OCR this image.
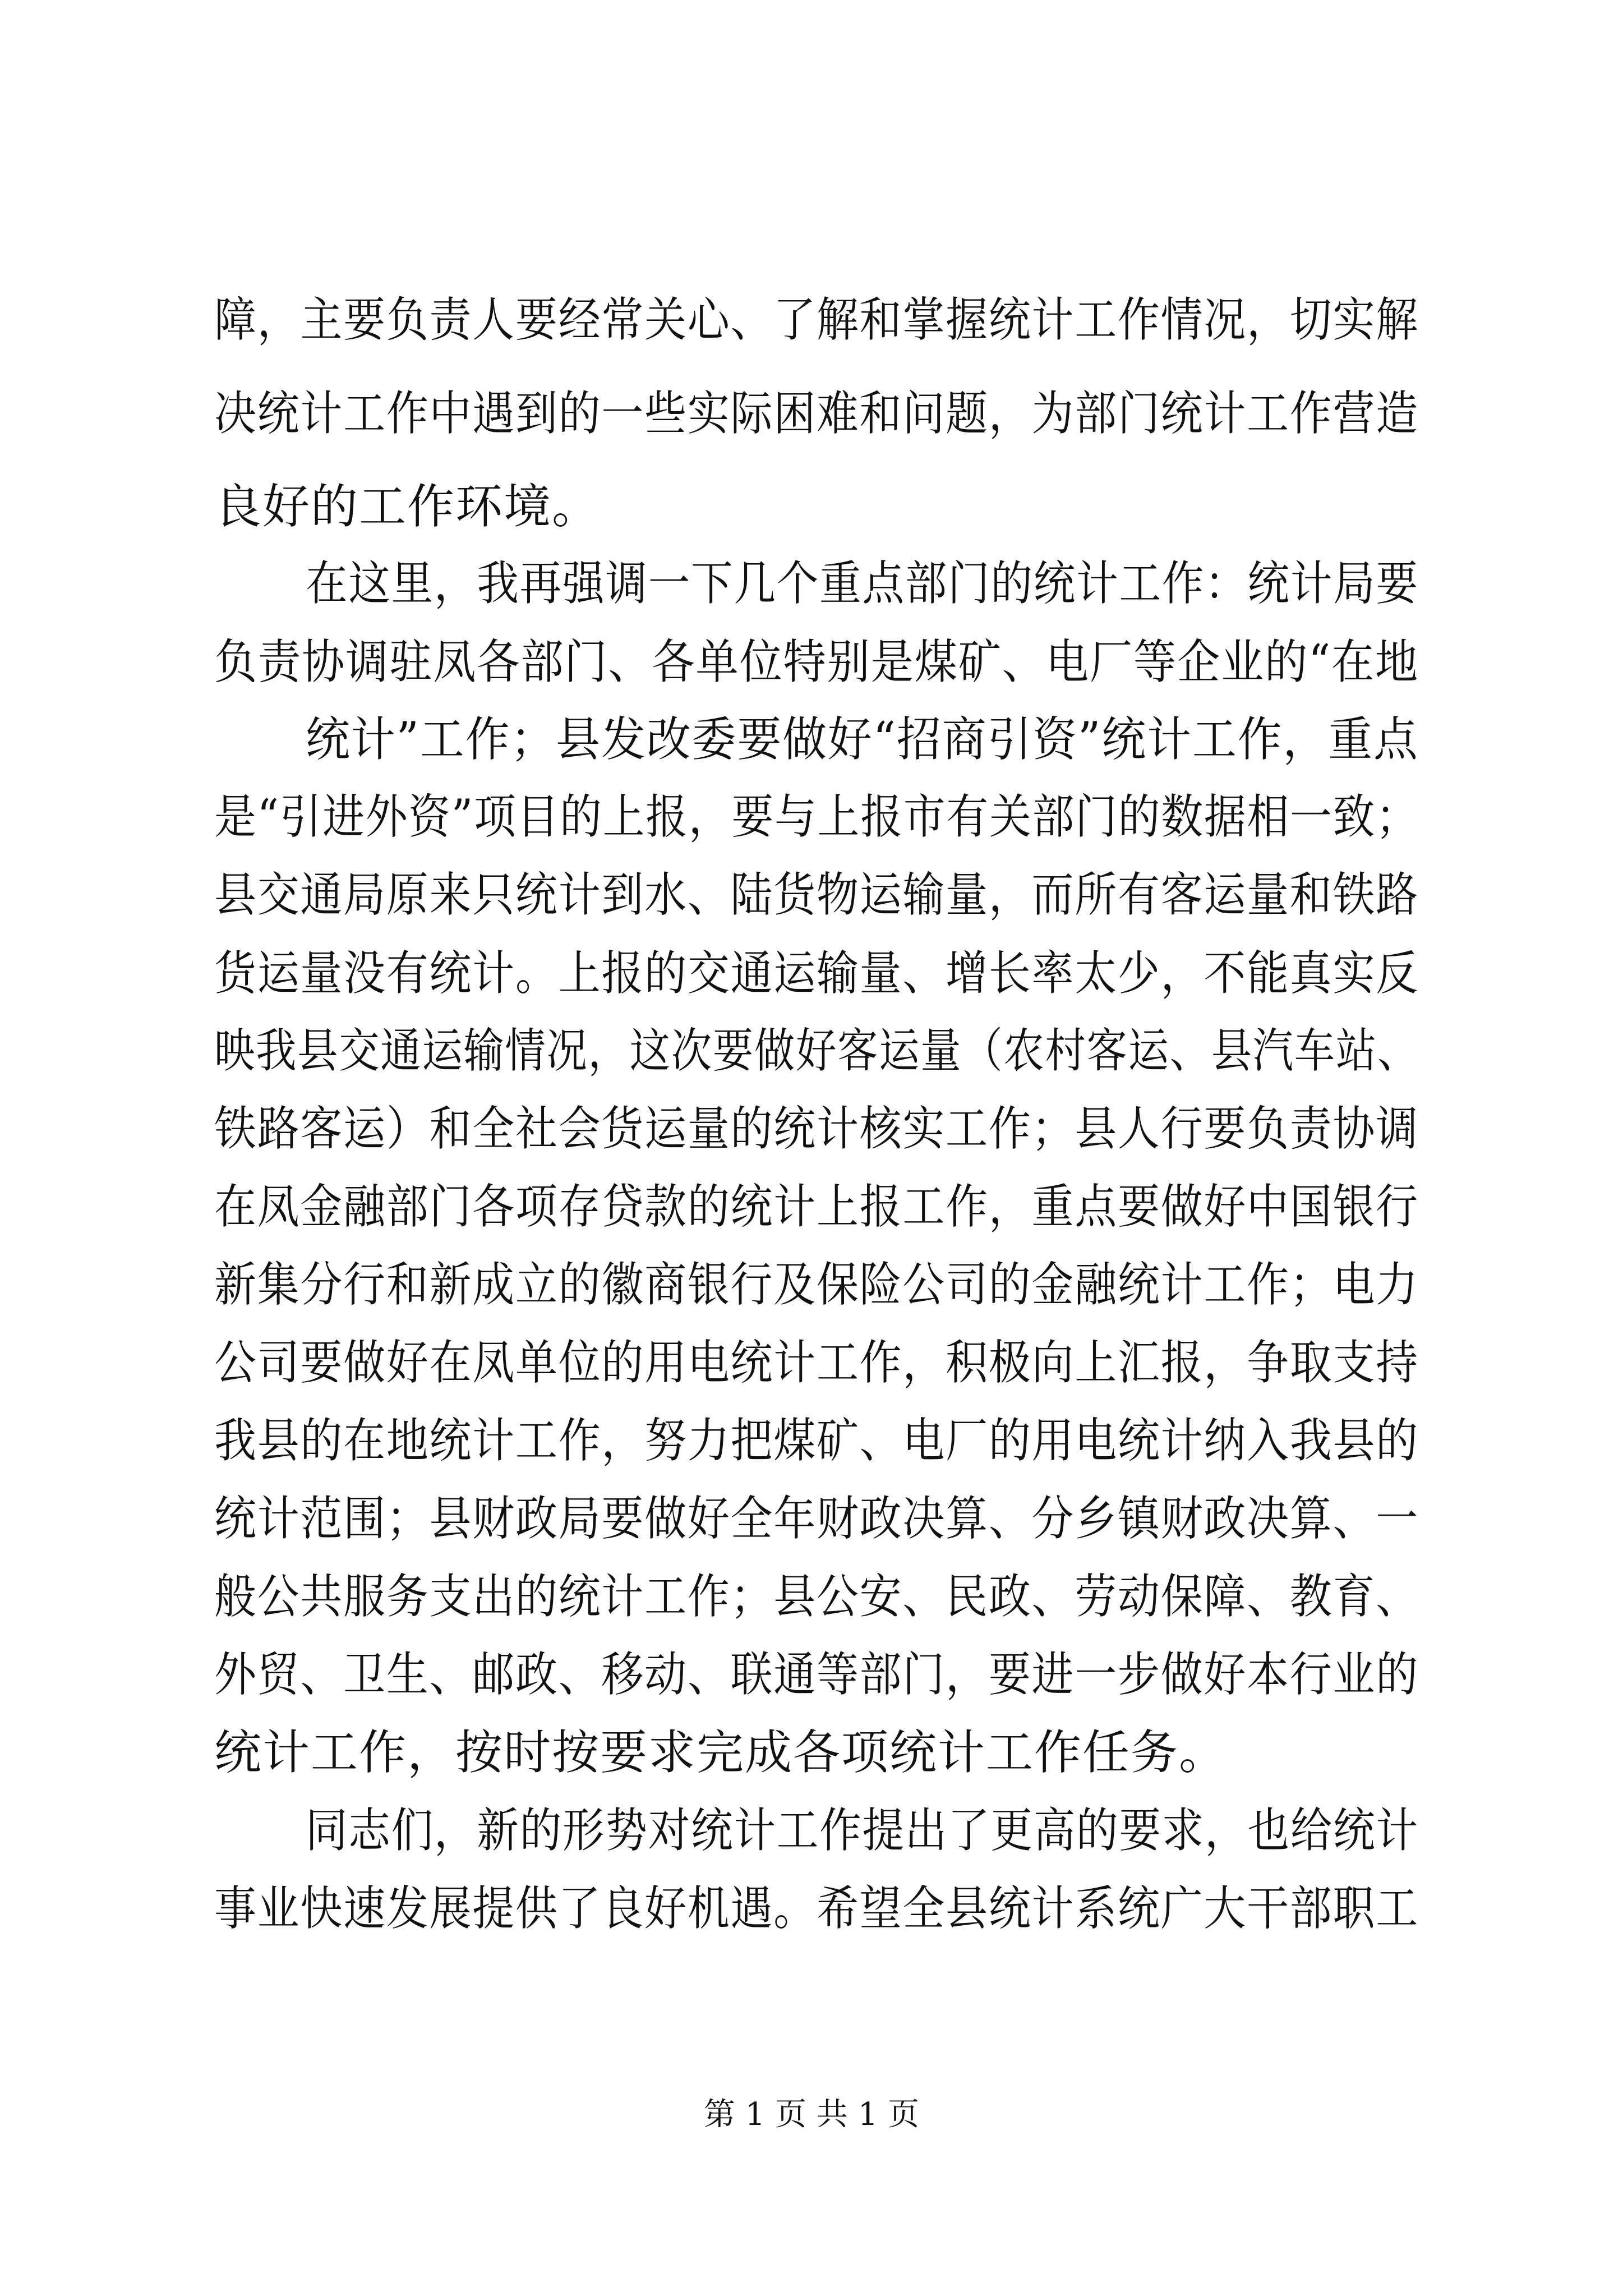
障，主要负责人要经常关心、了解和掌握统计工作情况，切实解
决统计工作中遇到的一些实际困难和问题，为部门统计工作营造
良好的工作环境。
在这里，我再强调一下几个重点部门的统计工作：统计局要
负责协调驻凤各部门、各单位特别是煤矿、电厂等企业的“在地
统计”工作；县发改委要做好“招商引资”统计工作，重点
是“引进外资”项目的上报，要与上报市有关部门的数据相一致；
县交通局原来只统计到水、陆货物运输量，而所有客运量和铁路
货运量没有统计。上报的交通运输量、增长率太少，不能真实反
映我县交通运输情况，这次要做好客运量（农村客运、县汽车站、
铁路客运）和全社会货运量的统计核实工作；县人行要负责协调
在凤金融部门各项存贷款的统计上报工作，重点要做好中国银行
新集分行和新成立的徽商银行及保险公司的金融统计工作；电力
公司要做好在凤单位的用电统计工作，积极向上汇报，争取支持
我县的在地统计工作，努力把煤矿、电厂的用电统计纳入我县的
统计范围；县财政局要做好全年财政决算、分乡镇财政决算、一
般公共服务支出的统计工作；县公安、民政、劳动保障、教育、
外贸、卫生、邮政、移动、联通等部门，要进一步做好本行业的
统计工作，按时按要求完成各项统计工作任务。
同志们，新的形势对统计工作提出了更高的要求，也给统计
事业快速发展提供了良好机遇。希望全县统计系统广大干部职工
第 1 页 共 1 页
